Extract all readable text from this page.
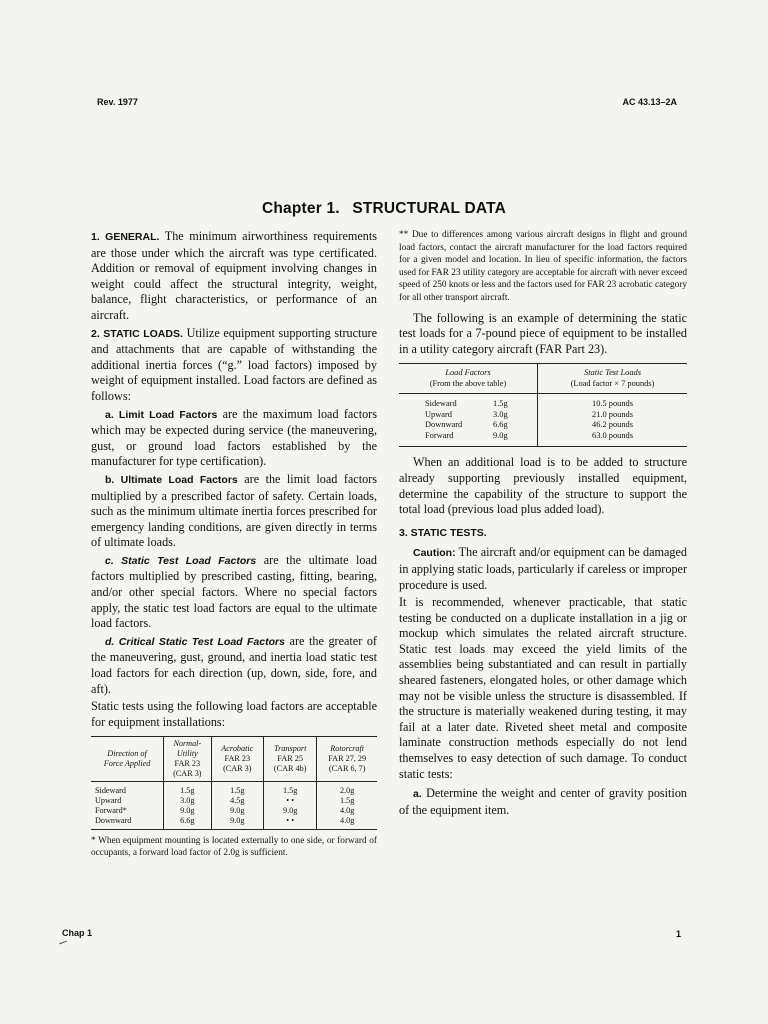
Rev. 1977	AC 43.13–2A
Chapter 1. STRUCTURAL DATA

1. GENERAL. The minimum airworthiness requirements are those under which the aircraft was type certificated. Addition or removal of equipment involving changes in weight could affect the structural integrity, weight, balance, flight characteristics, or performance of an aircraft.

2. STATIC LOADS. Utilize equipment supporting structure and attachments that are capable of withstanding the additional inertia forces (“g.” load factors) imposed by weight of equipment installed. Load factors are defined as follows:

a. Limit Load Factors are the maximum load factors which may be expected during service (the maneuvering, gust, or ground load factors established by the manufacturer for type certification).

b. Ultimate Load Factors are the limit load factors multiplied by a prescribed factor of safety. Certain loads, such as the minimum ultimate inertia forces prescribed for emergency landing conditions, are given directly in terms of ultimate loads.

c. Static Test Load Factors are the ultimate load factors multiplied by prescribed casting, fitting, bearing, and/or other special factors. Where no special factors apply, the static test load factors are equal to the ultimate load factors.

d. Critical Static Test Load Factors are the greater of the maneuvering, gust, ground, and inertia load static test load factors for each direction (up, down, side, fore, and aft).

Static tests using the following load factors are acceptable for equipment installations:

Direction of
Force Applied	Normal-
Utility
FAR 23
(CAR 3)	Acrobatic
FAR 23
(CAR 3)	Transport
FAR 25
(CAR 4b)	Rotorcraft
FAR 27, 29
(CAR 6, 7)
Sideward	1.5g	1.5g	1.5g	2.0g
Upward	3.0g	4.5g	• •	1.5g
Forward*	9.0g	9.0g	9.0g	4.0g
Downward	6.6g	9.0g	• •	4.0g

* When equipment mounting is located externally to one side, or forward of occupants, a forward load factor of 2.0g is sufficient.

** Due to differences among various aircraft designs in flight and ground load factors, contact the aircraft manufacturer for the load factors required for a given model and location. In lieu of specific information, the factors used for FAR 23 utility category are acceptable for aircraft with never exceed speed of 250 knots or less and the factors used for FAR 23 acrobatic category for all other transport aircraft.

The following is an example of determining the static test loads for a 7-pound piece of equipment to be installed in a utility category aircraft (FAR Part 23).

Load Factors
(From the above table)		Static Test Loads
(Load factor × 7 pounds)
Sideward	1.5g	10.5 pounds
Upward	3.0g	21.0 pounds
Downward	6.6g	46.2 pounds
Forward	9.0g	63.0 pounds

When an additional load is to be added to structure already supporting previously installed equipment, determine the capability of the structure to support the total load (previous load plus added load).

3. STATIC TESTS.

Caution: The aircraft and/or equipment can be damaged in applying static loads, particularly if careless or improper procedure is used.

It is recommended, whenever practicable, that static testing be conducted on a duplicate installation in a jig or mockup which simulates the related aircraft structure. Static test loads may exceed the yield limits of the assemblies being substantiated and can result in partially sheared fasteners, elongated holes, or other damage which may not be visible unless the structure is disassembled. If the structure is materially weakened during testing, it may fail at a later date. Riveted sheet metal and composite laminate construction methods especially do not lend themselves to easy detection of such damage. To conduct static tests:

a. Determine the weight and center of gravity position of the equipment item.

Chap 1	1
